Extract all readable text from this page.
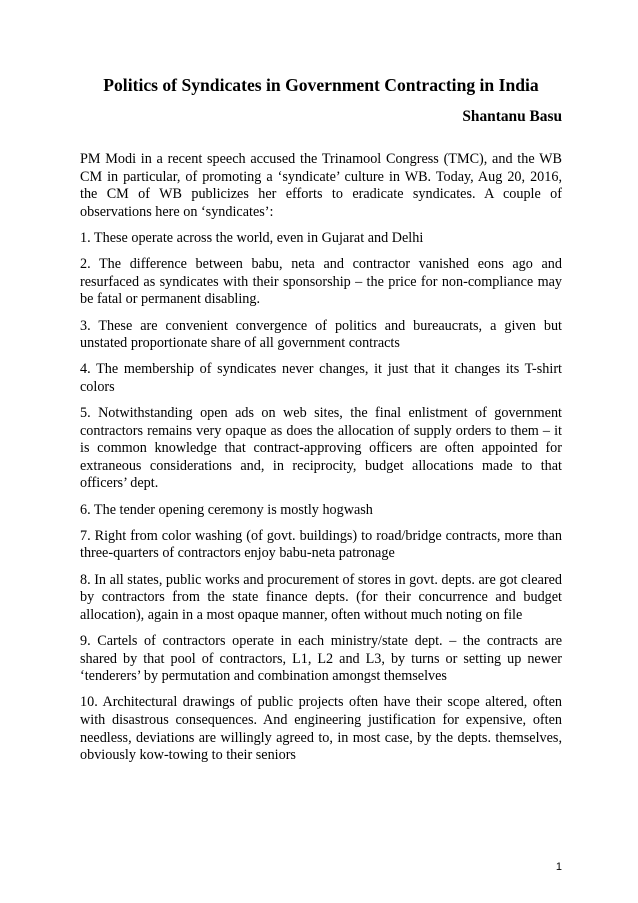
Politics of Syndicates in Government Contracting in India

Shantanu Basu

PM Modi in a recent speech accused the Trinamool Congress (TMC), and the WB CM in particular, of promoting a ‘syndicate’ culture in WB. Today, Aug 20, 2016, the CM of WB publicizes her efforts to eradicate syndicates. A couple of observations here on ‘syndicates’:

1. These operate across the world, even in Gujarat and Delhi

2. The difference between babu, neta and contractor vanished eons ago and resurfaced as syndicates with their sponsorship – the price for non-compliance may be fatal or permanent disabling.

3. These are convenient convergence of politics and bureaucrats, a given but unstated proportionate share of all government contracts

4. The membership of syndicates never changes, it just that it changes its T-shirt colors

5. Notwithstanding open ads on web sites, the final enlistment of government contractors remains very opaque as does the allocation of supply orders to them – it is common knowledge that contract-approving officers are often appointed for extraneous considerations and, in reciprocity, budget allocations made to that officers’ dept.

6. The tender opening ceremony is mostly hogwash

7. Right from color washing (of govt. buildings) to road/bridge contracts, more than three-quarters of contractors enjoy babu-neta patronage

8. In all states, public works and procurement of stores in govt. depts. are got cleared by contractors from the state finance depts. (for their concurrence and budget allocation), again in a most opaque manner, often without much noting on file

9. Cartels of contractors operate in each ministry/state dept. – the contracts are shared by that pool of contractors, L1, L2 and L3, by turns or setting up newer ‘tenderers’ by permutation and combination amongst themselves

10. Architectural drawings of public projects often have their scope altered, often with disastrous consequences. And engineering justification for expensive, often needless, deviations are willingly agreed to, in most case, by the depts. themselves, obviously kow-towing to their seniors

1
